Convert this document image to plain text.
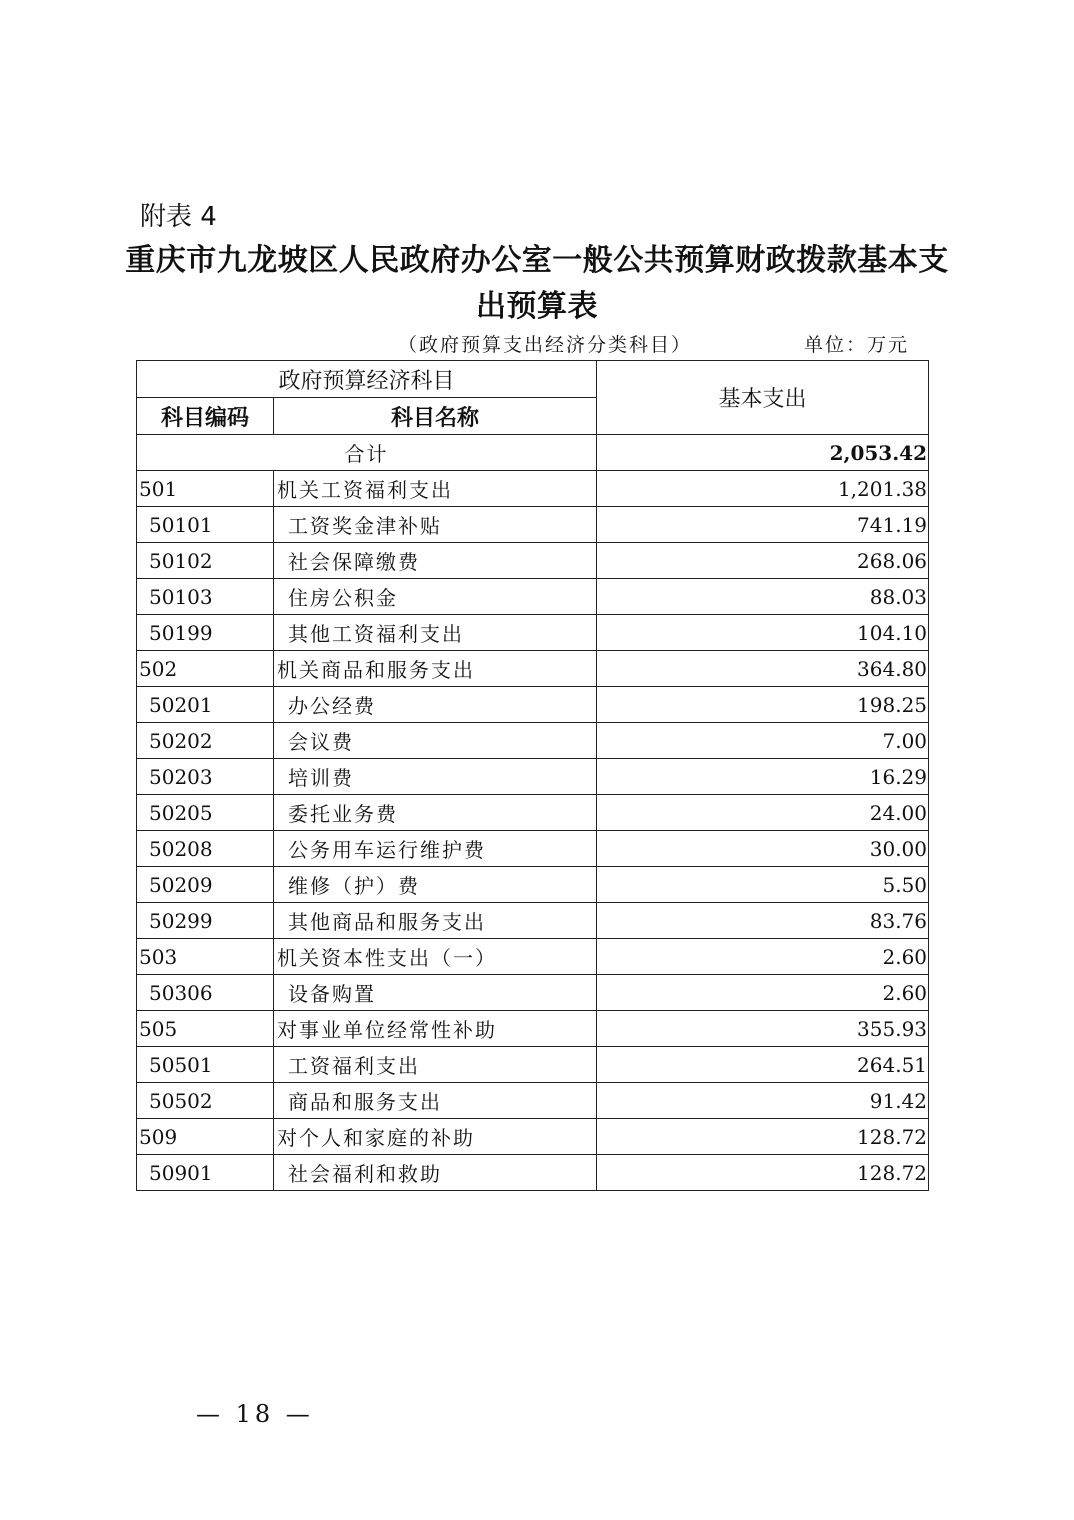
附表 4
重庆市九龙坡区人民政府办公室一般公共预算财政拨款基本支
出预算表
（政府预算支出经济分类科目）	单位：万元
政府预算经济科目		基本支出
科目编码	科目名称	
合计		2,053.42
501	机关工资福利支出	1,201.38
50101	工资奖金津补贴	741.19
50102	社会保障缴费	268.06
50103	住房公积金	88.03
50199	其他工资福利支出	104.10
502	机关商品和服务支出	364.80
50201	办公经费	198.25
50202	会议费	7.00
50203	培训费	16.29
50205	委托业务费	24.00
50208	公务用车运行维护费	30.00
50209	维修（护）费	5.50
50299	其他商品和服务支出	83.76
503	机关资本性支出（一）	2.60
50306	设备购置	2.60
505	对事业单位经常性补助	355.93
50501	工资福利支出	264.51
50502	商品和服务支出	91.42
509	对个人和家庭的补助	128.72
50901	社会福利和救助	128.72
— 18 —
